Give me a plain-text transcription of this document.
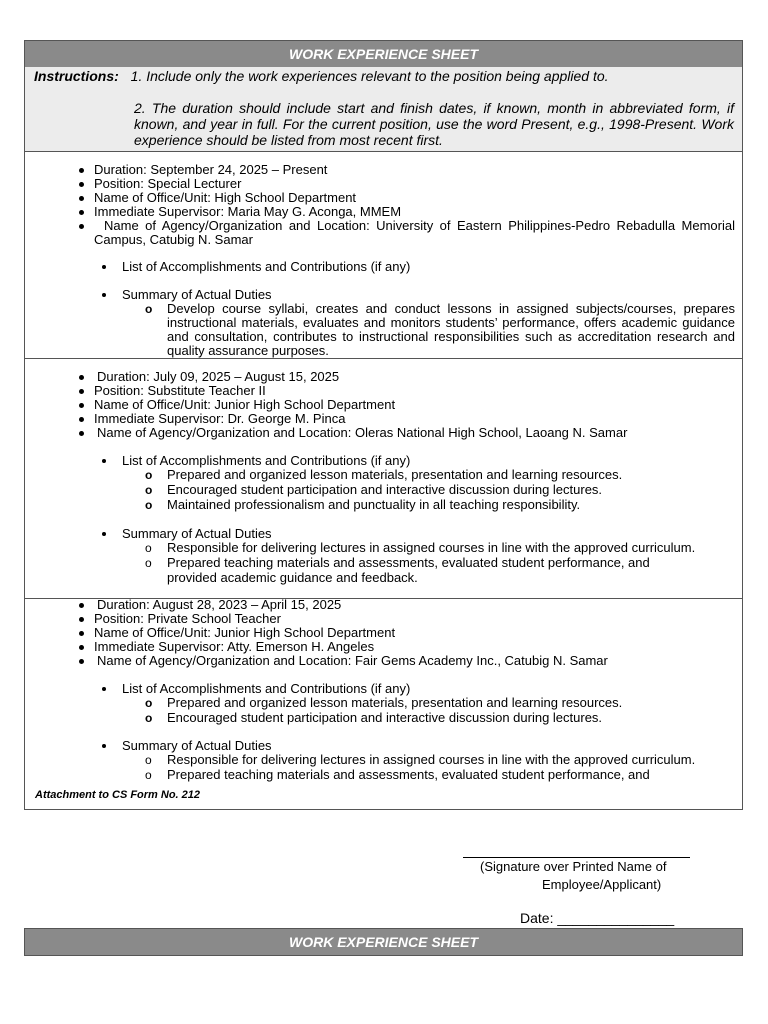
WORK EXPERIENCE SHEET
Instructions: 1. Include only the work experiences relevant to the position being applied to.
2. The duration should include start and finish dates, if known, month in abbreviated form, if known, and year in full. For the current position, use the word Present, e.g., 1998-Present. Work experience should be listed from most recent first.
Duration: September 24, 2025 – Present
Position: Special Lecturer
Name of Office/Unit: High School Department
Immediate Supervisor: Maria May G. Aconga, MMEM
Name of Agency/Organization and Location: University of Eastern Philippines-Pedro Rebadulla Memorial Campus, Catubig N. Samar
List of Accomplishments and Contributions (if any)
Summary of Actual Duties
o Develop course syllabi, creates and conduct lessons in assigned subjects/courses, prepares instructional materials, evaluates and monitors students’ performance, offers academic guidance and consultation, contributes to instructional responsibilities such as accreditation research and quality assurance purposes.
Duration: July 09, 2025 – August 15, 2025
Position: Substitute Teacher II
Name of Office/Unit: Junior High School Department
Immediate Supervisor: Dr. George M. Pinca
Name of Agency/Organization and Location: Oleras National High School, Laoang N. Samar
List of Accomplishments and Contributions (if any)
o Prepared and organized lesson materials, presentation and learning resources.
o Encouraged student participation and interactive discussion during lectures.
o Maintained professionalism and punctuality in all teaching responsibility.
Summary of Actual Duties
o Responsible for delivering lectures in assigned courses in line with the approved curriculum.
o Prepared teaching materials and assessments, evaluated student performance, and
provided academic guidance and feedback.
Duration: August 28, 2023 – April 15, 2025
Position: Private School Teacher
Name of Office/Unit: Junior High School Department
Immediate Supervisor: Atty. Emerson H. Angeles
Name of Agency/Organization and Location: Fair Gems Academy Inc., Catubig N. Samar
List of Accomplishments and Contributions (if any)
o Prepared and organized lesson materials, presentation and learning resources.
o Encouraged student participation and interactive discussion during lectures.
Summary of Actual Duties
o Responsible for delivering lectures in assigned courses in line with the approved curriculum.
o Prepared teaching materials and assessments, evaluated student performance, and
Attachment to CS Form No. 212
(Signature over Printed Name of
Employee/Applicant)
Date: _______________
WORK EXPERIENCE SHEET
